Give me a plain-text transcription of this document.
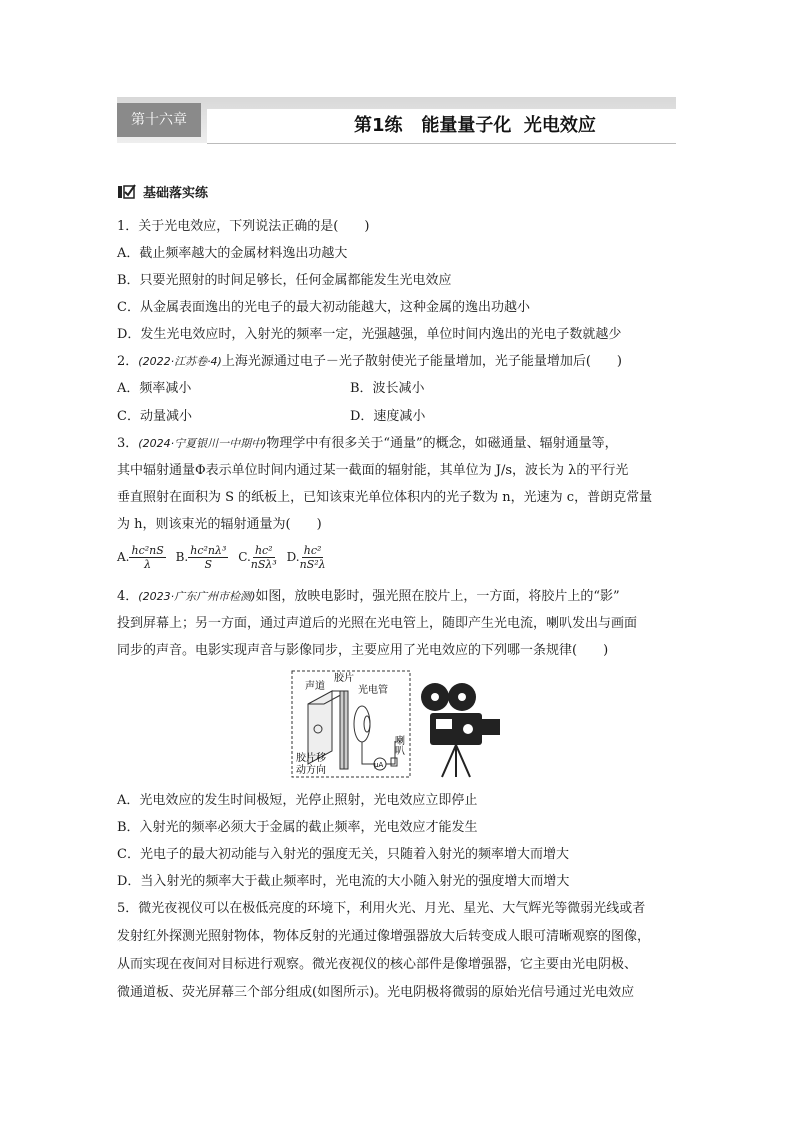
第十六章	第1练   能量量子化  光电效应
基础落实练
1．关于光电效应，下列说法正确的是(　　)
A．截止频率越大的金属材料逸出功越大
B．只要光照射的时间足够长，任何金属都能发生光电效应
C．从金属表面逸出的光电子的最大初动能越大，这种金属的逸出功越小
D．发生光电效应时，入射光的频率一定，光强越强，单位时间内逸出的光电子数就越少
2．(2022·江苏卷·4)上海光源通过电子－光子散射使光子能量增加，光子能量增加后(　　)
A．频率减小	B．波长减小
C．动量减小	D．速度减小
3．(2024·宁夏银川一中期中)物理学中有很多关于“通量”的概念，如磁通量、辐射通量等，
其中辐射通量Φ表示单位时间内通过某一截面的辐射能，其单位为 J/s，波长为 λ的平行光
垂直照射在面积为 S 的纸板上，已知该束光单位体积内的光子数为 n，光速为 c，普朗克常量
为 h，则该束光的辐射通量为(　　)
A. $\frac{\text{hc²nS}}{\lambda} B$. $\frac{\text{hc²nλ³}}{S} C$. $\frac{\text{hc²}}{\text{nSλ³}} D$. $\frac{\text{hc²}}{\text{nS²λ}}$
4．(2023·广东广州市检测)如图，放映电影时，强光照在胶片上，一方面，将胶片上的“影”
投到屏幕上；另一方面，通过声道后的光照在光电管上，随即产生光电流，喇叭发出与画面
同步的声音。电影实现声音与影像同步，主要应用了光电效应的下列哪一条规律(　　)
声道
胶片
光电管
喇叭
胶片移
动方向	μA
A．光电效应的发生时间极短，光停止照射，光电效应立即停止
B．入射光的频率必须大于金属的截止频率，光电效应才能发生
C．光电子的最大初动能与入射光的强度无关，只随着入射光的频率增大而增大
D．当入射光的频率大于截止频率时，光电流的大小随入射光的强度增大而增大
5．微光夜视仪可以在极低亮度的环境下，利用火光、月光、星光、大气辉光等微弱光线或者
发射红外探测光照射物体，物体反射的光通过像增强器放大后转变成人眼可清晰观察的图像，
从而实现在夜间对目标进行观察。微光夜视仪的核心部件是像增强器，它主要由光电阴极、
微通道板、荧光屏幕三个部分组成(如图所示)。光电阴极将微弱的原始光信号通过光电效应
